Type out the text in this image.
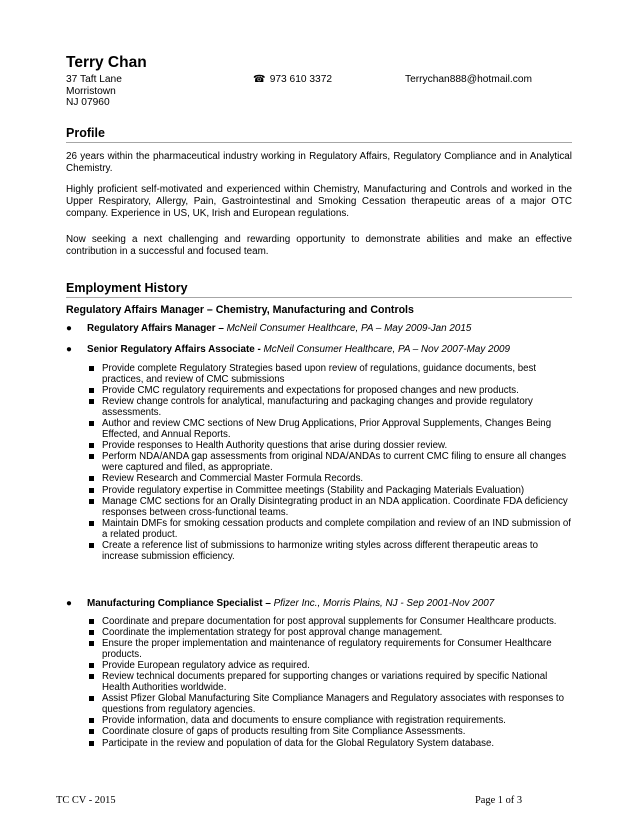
Terry Chan
37 Taft Lane
Morristown
NJ 07960
☎ 973 610 3372	Terrychan888@hotmail.com
Profile
26 years within the pharmaceutical industry working in Regulatory Affairs, Regulatory Compliance and in Analytical Chemistry.
Highly proficient self-motivated and experienced within Chemistry, Manufacturing and Controls and worked in the Upper Respiratory, Allergy, Pain, Gastrointestinal and Smoking Cessation therapeutic areas of a major OTC company. Experience in US, UK, Irish and European regulations.
Now seeking a next challenging and rewarding opportunity to demonstrate abilities and make an effective contribution in a successful and focused team.
Employment History
Regulatory Affairs Manager – Chemistry, Manufacturing and Controls
● Regulatory Affairs Manager – McNeil Consumer Healthcare, PA – May 2009-Jan 2015
● Senior Regulatory Affairs Associate - McNeil Consumer Healthcare, PA – Nov 2007-May 2009
Provide complete Regulatory Strategies based upon review of regulations, guidance documents, best practices, and review of CMC submissions
Provide CMC regulatory requirements and expectations for proposed changes and new products.
Review change controls for analytical, manufacturing and packaging changes and provide regulatory assessments.
Author and review CMC sections of New Drug Applications, Prior Approval Supplements, Changes Being Effected, and Annual Reports.
Provide responses to Health Authority questions that arise during dossier review.
Perform NDA/ANDA gap assessments from original NDA/ANDAs to current CMC filing to ensure all changes were captured and filed, as appropriate.
Review Research and Commercial Master Formula Records.
Provide regulatory expertise in Committee meetings (Stability and Packaging Materials Evaluation)
Manage CMC sections for an Orally Disintegrating product in an NDA application. Coordinate FDA deficiency responses between cross-functional teams.
Maintain DMFs for smoking cessation products and complete compilation and review of an IND submission of a related product.
Create a reference list of submissions to harmonize writing styles across different therapeutic areas to increase submission efficiency.
● Manufacturing Compliance Specialist – Pfizer Inc., Morris Plains, NJ - Sep 2001-Nov 2007
Coordinate and prepare documentation for post approval supplements for Consumer Healthcare products.
Coordinate the implementation strategy for post approval change management.
Ensure the proper implementation and maintenance of regulatory requirements for Consumer Healthcare products.
Provide European regulatory advice as required.
Review technical documents prepared for supporting changes or variations required by specific National Health Authorities worldwide.
Assist Pfizer Global Manufacturing Site Compliance Managers and Regulatory associates with responses to questions from regulatory agencies.
Provide information, data and documents to ensure compliance with registration requirements.
Coordinate closure of gaps of products resulting from Site Compliance Assessments.
Participate in the review and population of data for the Global Regulatory System database.
TC CV - 2015	Page 1 of 3
